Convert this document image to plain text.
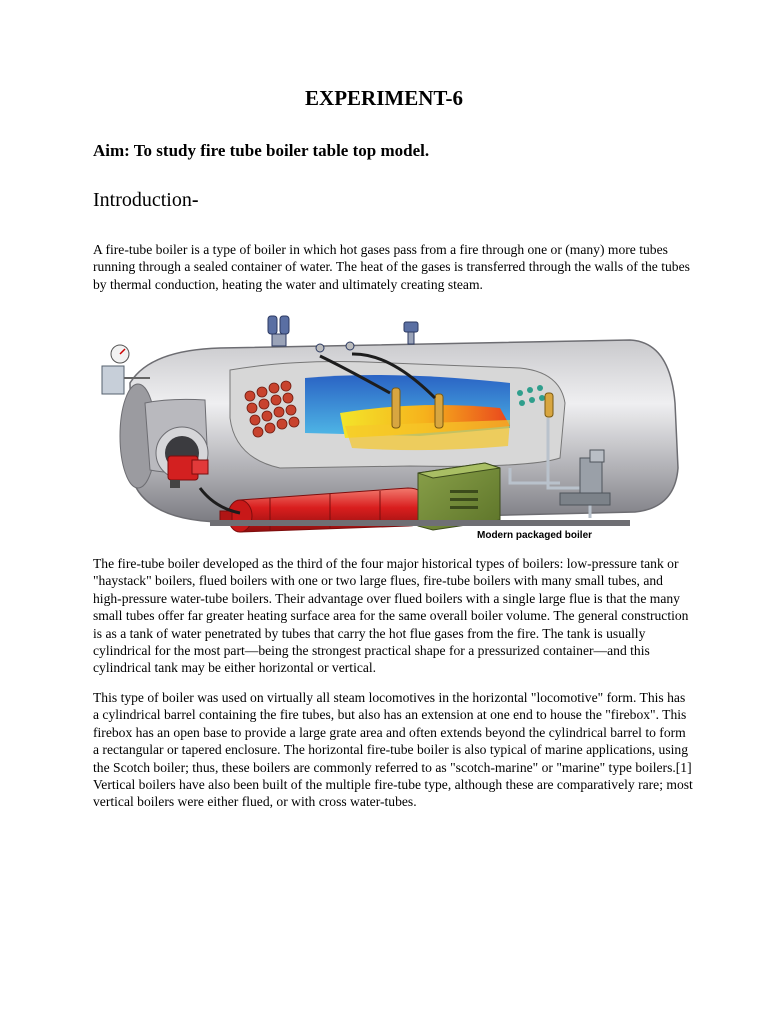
EXPERIMENT-6

Aim: To study fire tube boiler table top model.

Introduction-

A fire-tube boiler is a type of boiler in which hot gases pass from a fire through one or (many) more tubes running through a sealed container of water. The heat of the gases is transferred through the walls of the tubes by thermal conduction, heating the water and ultimately creating steam.

Modern packaged boiler

The fire-tube boiler developed as the third of the four major historical types of boilers: low-pressure tank or "haystack" boilers, flued boilers with one or two large flues, fire-tube boilers with many small tubes, and high-pressure water-tube boilers. Their advantage over flued boilers with a single large flue is that the many small tubes offer far greater heating surface area for the same overall boiler volume. The general construction is as a tank of water penetrated by tubes that carry the hot flue gases from the fire. The tank is usually cylindrical for the most part—being the strongest practical shape for a pressurized container—and this cylindrical tank may be either horizontal or vertical.

This type of boiler was used on virtually all steam locomotives in the horizontal "locomotive" form. This has a cylindrical barrel containing the fire tubes, but also has an extension at one end to house the "firebox". This firebox has an open base to provide a large grate area and often extends beyond the cylindrical barrel to form a rectangular or tapered enclosure. The horizontal fire-tube boiler is also typical of marine applications, using the Scotch boiler; thus, these boilers are commonly referred to as "scotch-marine" or "marine" type boilers.[1] Vertical boilers have also been built of the multiple fire-tube type, although these are comparatively rare; most vertical boilers were either flued, or with cross water-tubes.
